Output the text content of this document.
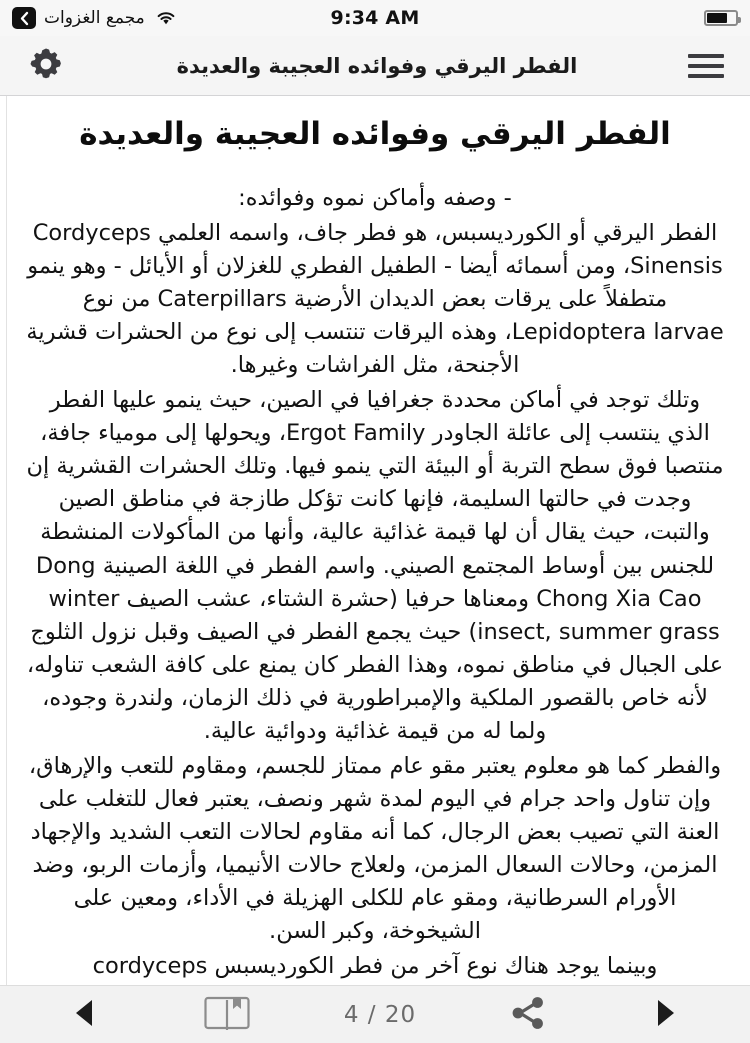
مجمع الغزوات	9:34 AM
الفطر اليرقي وفوائده العجيبة والعديدة
الفطر اليرقي وفوائده العجيبة والعديدة

- وصفه وأماكن نموه وفوائده:

الفطر اليرقي أو الكورديسبس، هو فطر جاف، واسمه العلمي Cordyceps Sinensis، ومن أسمائه أيضا - الطفيل الفطري للغزلان أو الأيائل - وهو ينمو متطفلاً على يرقات بعض الديدان الأرضية Caterpillars من نوع Lepidoptera larvae، وهذه اليرقات تنتسب إلى نوع من الحشرات قشرية الأجنحة، مثل الفراشات وغيرها.

وتلك توجد في أماكن محددة جغرافيا في الصين، حيث ينمو عليها الفطر الذي ينتسب إلى عائلة الجاودر Ergot Family، ويحولها إلى مومياء جافة، منتصبا فوق سطح التربة أو البيئة التي ينمو فيها. وتلك الحشرات القشرية إن وجدت في حالتها السليمة، فإنها كانت تؤكل طازجة في مناطق الصين والتبت، حيث يقال أن لها قيمة غذائية عالية، وأنها من المأكولات المنشطة للجنس بين أوساط المجتمع الصيني. واسم الفطر في اللغة الصينية Dong Chong Xia Cao ومعناها حرفيا (حشرة الشتاء، عشب الصيف winter insect, summer grass) حيث يجمع الفطر في الصيف وقبل نزول الثلوج على الجبال في مناطق نموه، وهذا الفطر كان يمنع على كافة الشعب تناوله، لأنه خاص بالقصور الملكية والإمبراطورية في ذلك الزمان، ولندرة وجوده، ولما له من قيمة غذائية ودوائية عالية.

والفطر كما هو معلوم يعتبر مقو عام ممتاز للجسم، ومقاوم للتعب والإرهاق، وإن تناول واحد جرام في اليوم لمدة شهر ونصف، يعتبر فعال للتغلب على العنة التي تصيب بعض الرجال، كما أنه مقاوم لحالات التعب الشديد والإجهاد المزمن، وحالات السعال المزمن، ولعلاج حالات الأنيميا، وأزمات الربو، وضد الأورام السرطانية، ومقو عام للكلى الهزيلة في الأداء، ومعين على الشيخوخة، وكبر السن.

وبينما يوجد هناك نوع آخر من فطر الكورديسبس cordyceps

4 / 20
